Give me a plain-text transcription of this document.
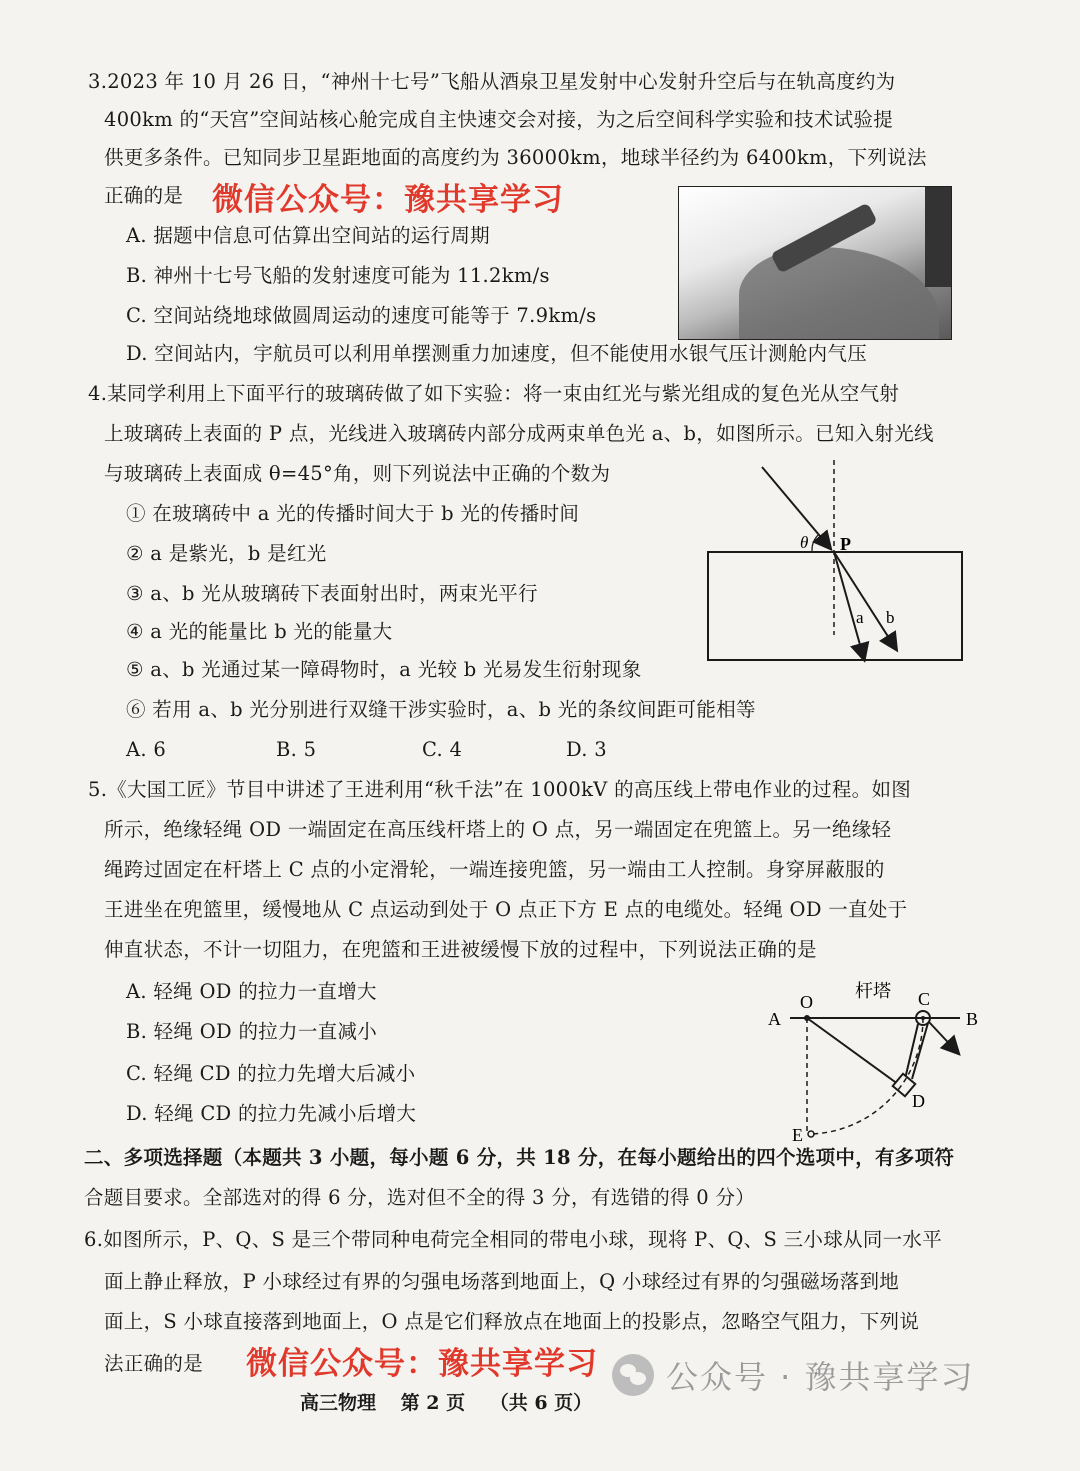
3.2023 年 10 月 26 日，“神州十七号”飞船从酒泉卫星发射中心发射升空后与在轨高度约为
400km 的“天宫”空间站核心舱完成自主快速交会对接，为之后空间科学实验和技术试验提
供更多条件。已知同步卫星距地面的高度约为 36000km，地球半径约为 6400km，下列说法
正确的是 微信公众号：豫共享学习
A. 据题中信息可估算出空间站的运行周期
B. 神州十七号飞船的发射速度可能为 11.2km/s
C. 空间站绕地球做圆周运动的速度可能等于 7.9km/s
D. 空间站内，宇航员可以利用单摆测重力加速度，但不能使用水银气压计测舱内气压
4.某同学利用上下面平行的玻璃砖做了如下实验：将一束由红光与紫光组成的复色光从空气射
上玻璃砖上表面的 P 点，光线进入玻璃砖内部分成两束单色光 a、b，如图所示。已知入射光线
与玻璃砖上表面成 θ=45°角，则下列说法中正确的个数为
① 在玻璃砖中 a 光的传播时间大于 b 光的传播时间
② a 是紫光，b 是红光
③ a、b 光从玻璃砖下表面射出时，两束光平行
④ a 光的能量比 b 光的能量大
⑤ a、b 光通过某一障碍物时，a 光较 b 光易发生衍射现象
⑥ 若用 a、b 光分别进行双缝干涉实验时，a、b 光的条纹间距可能相等
A. 6	B. 5	C. 4	D. 3
θ P
a b
5.《大国工匠》节目中讲述了王进利用“秋千法”在 1000kV 的高压线上带电作业的过程。如图
所示，绝缘轻绳 OD 一端固定在高压线杆塔上的 O 点，另一端固定在兜篮上。另一绝缘轻
绳跨过固定在杆塔上 C 点的小定滑轮，一端连接兜篮，另一端由工人控制。身穿屏蔽服的
王进坐在兜篮里，缓慢地从 C 点运动到处于 O 点正下方 E 点的电缆处。轻绳 OD 一直处于
伸直状态，不计一切阻力，在兜篮和王进被缓慢下放的过程中，下列说法正确的是
A. 轻绳 OD 的拉力一直增大
B. 轻绳 OD 的拉力一直减小
C. 轻绳 CD 的拉力先增大后减小
D. 轻绳 CD 的拉力先减小后增大
杆塔
A
O	C
B
D
E
二、多项选择题（本题共 3 小题，每小题 6 分，共 18 分，在每小题给出的四个选项中，有多项符
合题目要求。全部选对的得 6 分，选对但不全的得 3 分，有选错的得 0 分）
6.如图所示，P、Q、S 是三个带同种电荷完全相同的带电小球，现将 P、Q、S 三小球从同一水平
面上静止释放，P 小球经过有界的匀强电场落到地面上，Q 小球经过有界的匀强磁场落到地
面上，S 小球直接落到地面上，O 点是它们释放点在地面上的投影点，忽略空气阻力，下列说
法正确的是 微信公众号：豫共享学习
高三物理 第 2 页 （共 6 页）
公众号 · 豫共享学习
